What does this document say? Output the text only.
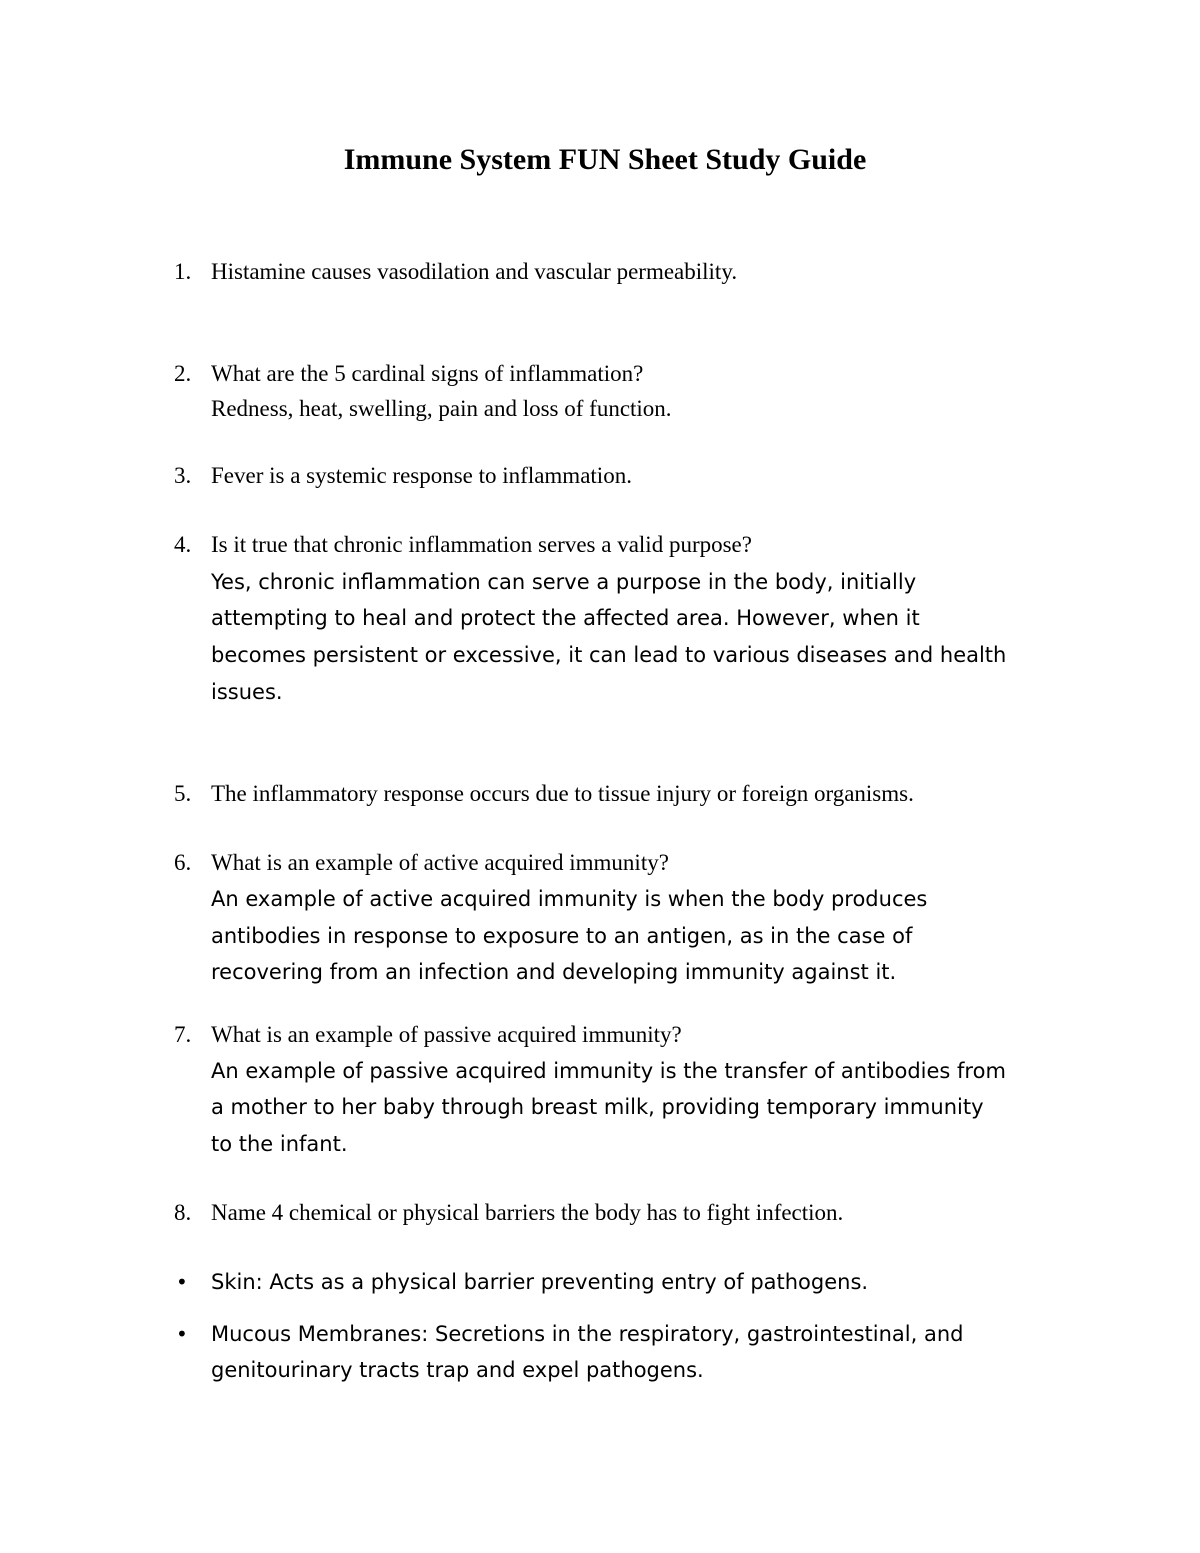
Immune System FUN Sheet Study Guide
1. Histamine causes vasodilation and vascular permeability.
2. What are the 5 cardinal signs of inflammation?
Redness, heat, swelling, pain and loss of function.
3. Fever is a systemic response to inflammation.
4. Is it true that chronic inflammation serves a valid purpose?
Yes, chronic inflammation can serve a purpose in the body, initially
attempting to heal and protect the affected area. However, when it
becomes persistent or excessive, it can lead to various diseases and health
issues.
5. The inflammatory response occurs due to tissue injury or foreign organisms.
6. What is an example of active acquired immunity?
An example of active acquired immunity is when the body produces
antibodies in response to exposure to an antigen, as in the case of
recovering from an infection and developing immunity against it.
7. What is an example of passive acquired immunity?
An example of passive acquired immunity is the transfer of antibodies from
a mother to her baby through breast milk, providing temporary immunity
to the infant.
8. Name 4 chemical or physical barriers the body has to fight infection.
• Skin: Acts as a physical barrier preventing entry of pathogens.
• Mucous Membranes: Secretions in the respiratory, gastrointestinal, and
genitourinary tracts trap and expel pathogens.
